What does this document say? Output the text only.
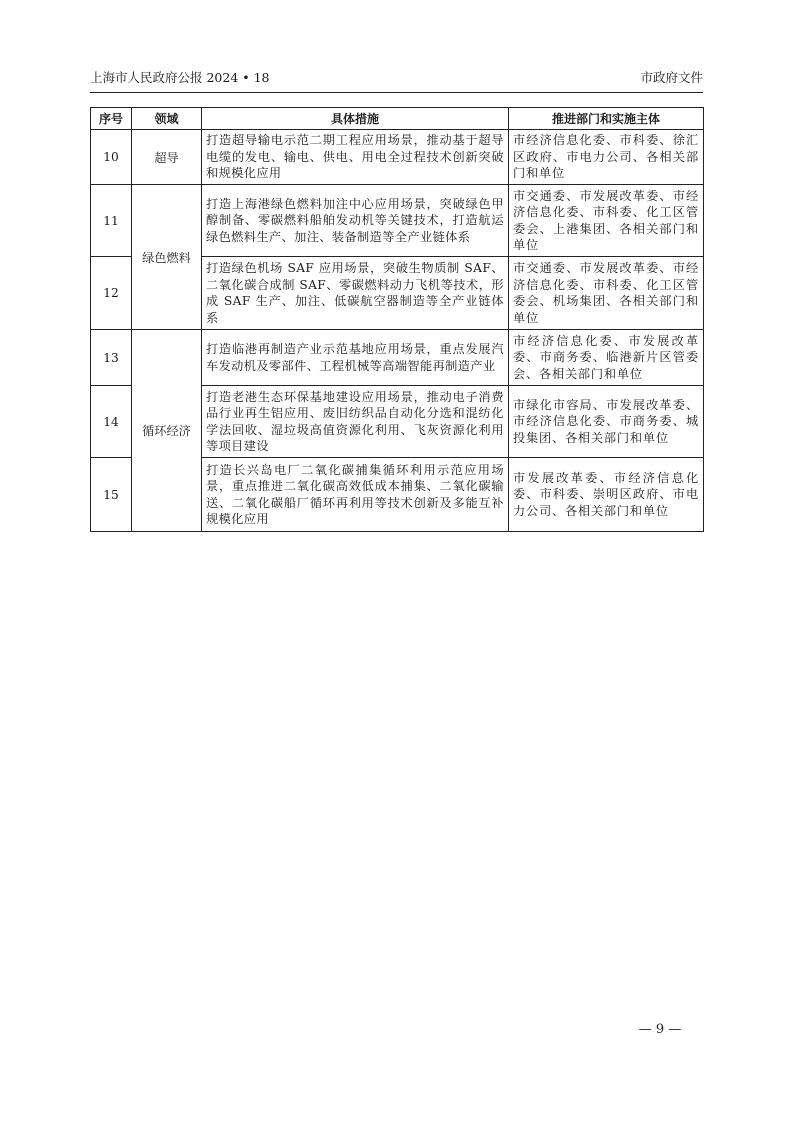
上海市人民政府公报 2024 • 18	市政府文件
序号	领域	具体措施	推进部门和实施主体
10	超导	打造超导输电示范二期工程应用场景，推动基于超导电缆的发电、输电、供电、用电全过程技术创新突破和规模化应用	市经济信息化委、市科委、徐汇区政府、市电力公司、各相关部门和单位
11	绿色燃料	打造上海港绿色燃料加注中心应用场景，突破绿色甲醇制备、零碳燃料船舶发动机等关键技术，打造航运绿色燃料生产、加注、装备制造等全产业链体系	市交通委、市发展改革委、市经济信息化委、市科委、化工区管委会、上港集团、各相关部门和单位
12		打造绿色机场 SAF 应用场景，突破生物质制 SAF、二氧化碳合成制 SAF、零碳燃料动力飞机等技术，形成 SAF 生产、加注、低碳航空器制造等全产业链体系	市交通委、市发展改革委、市经济信息化委、市科委、化工区管委会、机场集团、各相关部门和单位
13	循环经济	打造临港再制造产业示范基地应用场景，重点发展汽车发动机及零部件、工程机械等高端智能再制造产业	市经济信息化委、市发展改革委、市商务委、临港新片区管委会、各相关部门和单位
14		打造老港生态环保基地建设应用场景，推动电子消费品行业再生铝应用、废旧纺织品自动化分选和混纺化学法回收、湿垃圾高值资源化利用、飞灰资源化利用等项目建设	市绿化市容局、市发展改革委、市经济信息化委、市商务委、城投集团、各相关部门和单位
15		打造长兴岛电厂二氧化碳捕集循环利用示范应用场景，重点推进二氧化碳高效低成本捕集、二氧化碳输送、二氧化碳船厂循环再利用等技术创新及多能互补规模化应用	市发展改革委、市经济信息化委、市科委、崇明区政府、市电力公司、各相关部门和单位
— 9 —
